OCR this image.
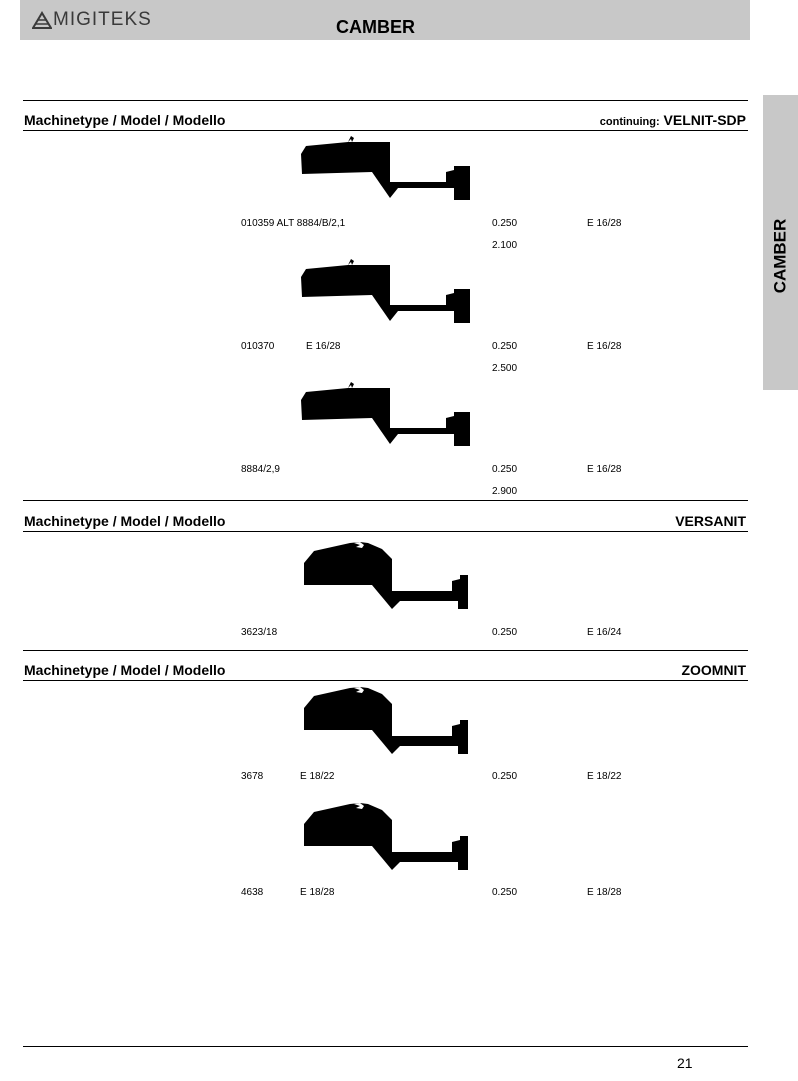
MIGITEKS	CAMBER
CAMBER
Machinetype / Model / Modello	continuing: VELNIT-SDP
010359 ALT 8884/B/2,1	0.250	E 16/28
2.100
010370	E 16/28	0.250	E 16/28
2.500
8884/2,9	0.250	E 16/28
2.900
Machinetype / Model / Modello	VERSANIT
3623/18	0.250	E 16/24
Machinetype / Model / Modello	ZOOMNIT
3678	E 18/22	0.250	E 18/22
4638	E 18/28	0.250	E 18/28
21
